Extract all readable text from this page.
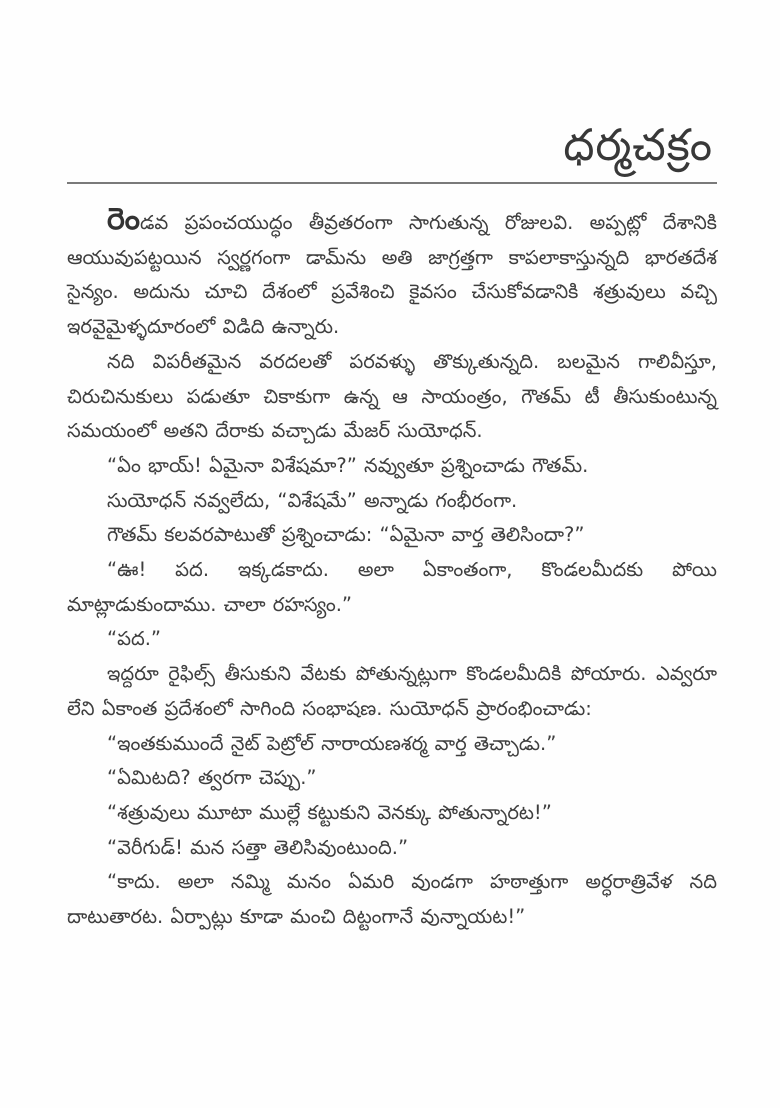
ధర్మచక్రం

రెండవ ప్రపంచయుద్ధం తీవ్రతరంగా సాగుతున్న రోజులవి. అప్పట్లో దేశానికి ఆయువుపట్టయిన స్వర్ణగంగా డామ్‌ను అతి జాగ్రత్తగా కాపలాకాస్తున్నది భారతదేశ సైన్యం. అదును చూచి దేశంలో ప్రవేశించి కైవసం చేసుకోవడానికి శత్రువులు వచ్చి ఇరవైమైళ్ళదూరంలో విడిది ఉన్నారు.

నది విపరీతమైన వరదలతో పరవళ్ళు తొక్కుతున్నది. బలమైన గాలివీస్తూ, చిరుచినుకులు పడుతూ చికాకుగా ఉన్న ఆ సాయంత్రం, గౌతమ్ టీ తీసుకుంటున్న సమయంలో అతని దేరాకు వచ్చాడు మేజర్ సుయోధన్.

“ఏం భాయ్! ఏమైనా విశేషమా?” నవ్వుతూ ప్రశ్నించాడు గౌతమ్.

సుయోధన్ నవ్వలేదు, “విశేషమే” అన్నాడు గంభీరంగా.

గౌతమ్ కలవరపాటుతో ప్రశ్నించాడు: “ఏమైనా వార్త తెలిసిందా?”

“ఊ! పద. ఇక్కడకాదు. అలా ఏకాంతంగా, కొండలమీదకు పోయి మాట్లాడుకుందాము. చాలా రహస్యం.”

“పద.”

ఇద్దరూ రైఫిల్స్ తీసుకుని వేటకు పోతున్నట్లుగా కొండలమీదికి పోయారు. ఎవ్వరూ లేని ఏకాంత ప్రదేశంలో సాగింది సంభాషణ. సుయోధన్ ప్రారంభించాడు:

“ఇంతకుముందే నైట్ పెట్రోల్ నారాయణశర్మ వార్త తెచ్చాడు.”

“ఏమిటది? త్వరగా చెప్పు.”

“శత్రువులు మూటా ముల్లే కట్టుకుని వెనక్కు పోతున్నారట!”

“వెరీగుడ్! మన సత్తా తెలిసివుంటుంది.”

“కాదు. అలా నమ్మి మనం ఏమరి వుండగా హఠాత్తుగా అర్ధరాత్రివేళ నది దాటుతారట. ఏర్పాట్లు కూడా మంచి దిట్టంగానే వున్నాయట!”
